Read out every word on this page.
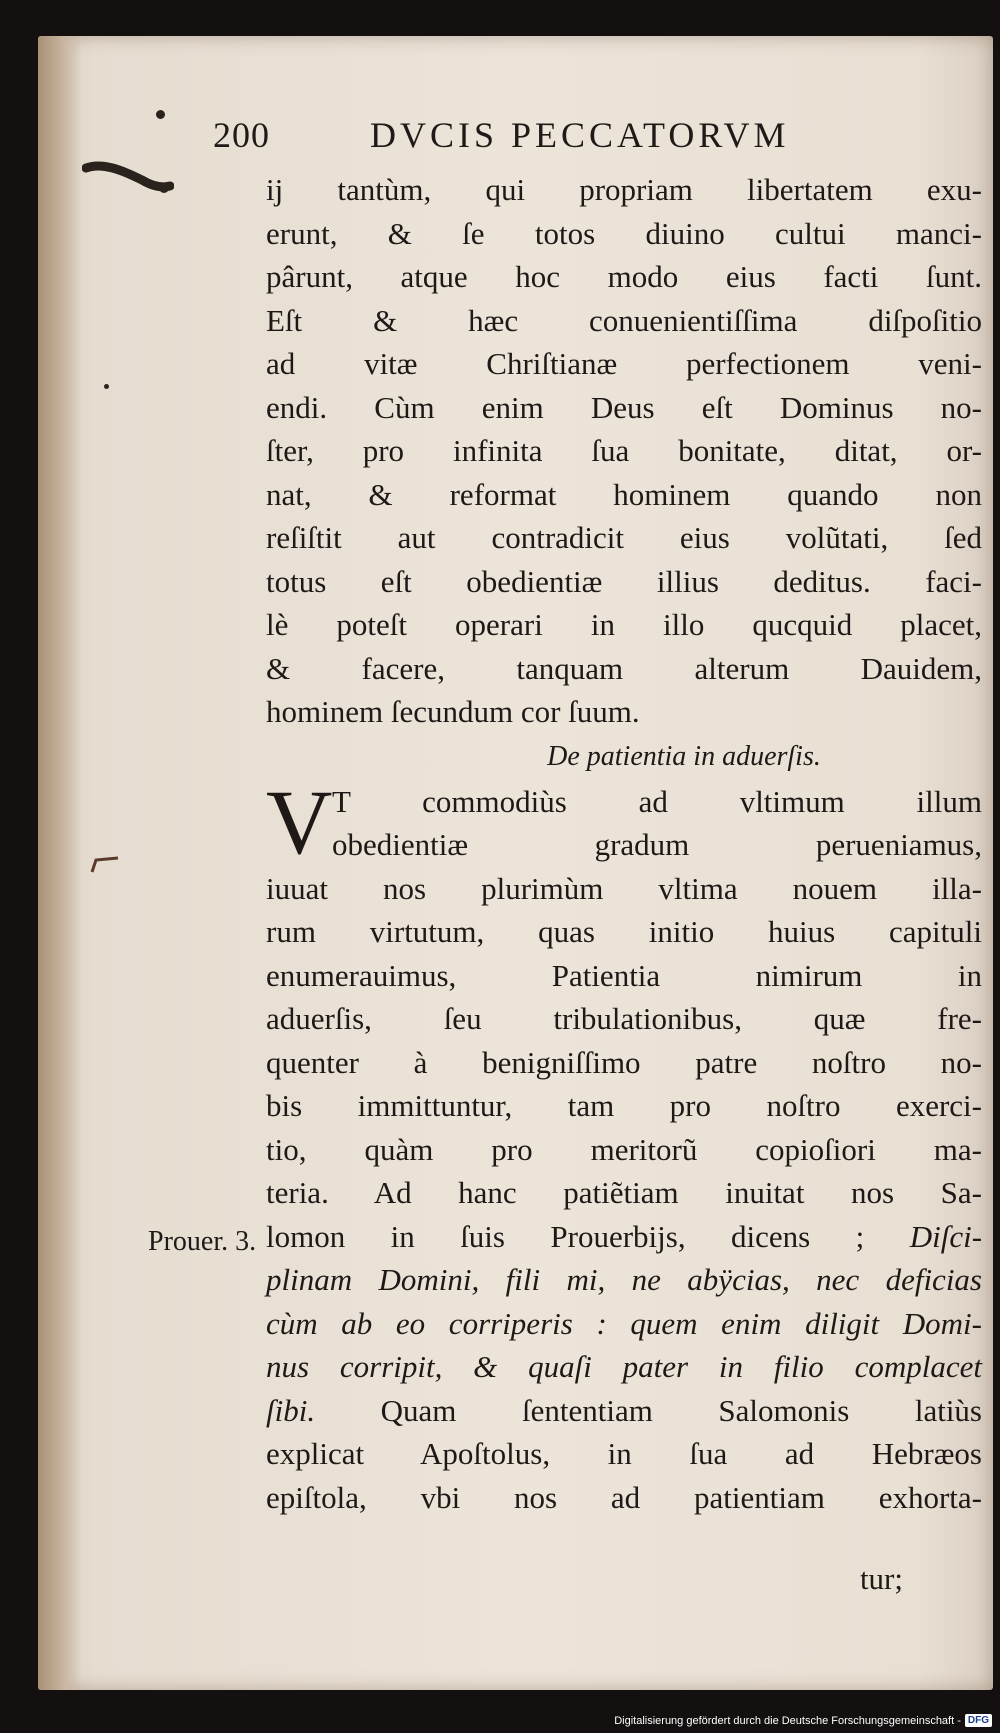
200	DVCIS PECCATORVM
ij tantùm, qui propriam libertatem exu-
erunt, & ſe totos diuino cultui manci-
pârunt, atque hoc modo eius facti ſunt.
Eſt & hæc conuenientiſſima diſpoſitio
ad vitæ Chriſtianæ perfectionem veni-
endi. Cùm enim Deus eſt Dominus no-
ſter, pro infinita ſua bonitate, ditat, or-
nat, & reformat hominem quando non
reſiſtit aut contradicit eius volũtati, ſed
totus eſt obedientiæ illius deditus. faci-
lè poteſt operari in illo qucquid placet,
& facere, tanquam alterum Dauidem,
hominem ſecundum cor ſuum.
De patientia in aduerſis.
V T commodiùs ad vltimum illum
obedientiæ gradum perueniamus,
iuuat nos plurimùm vltima nouem illa-
rum virtutum, quas initio huius capituli
enumerauimus, Patientia nimirum in
aduerſis, ſeu tribulationibus, quæ fre-
quenter à benigniſſimo patre noſtro no-
bis immittuntur, tam pro noſtro exerci-
tio, quàm pro meritorũ copioſiori ma-
teria. Ad hanc patiẽtiam inuitat nos Sa-
lomon in ſuis Prouerbijs, dicens ; Diſci-
plinam Domini, fili mi, ne abÿcias, nec deficias
cùm ab eo corriperis : quem enim diligit Domi-
nus corripit, & quaſi pater in filio complacet
ſibi. Quam ſententiam Salomonis latiùs
explicat Apoſtolus, in ſua ad Hebræos
epiſtola, vbi nos ad patientiam exhorta-
Prouer. 3.
tur;
Digitalisierung gefördert durch die Deutsche Forschungsgemeinschaft - DFG
